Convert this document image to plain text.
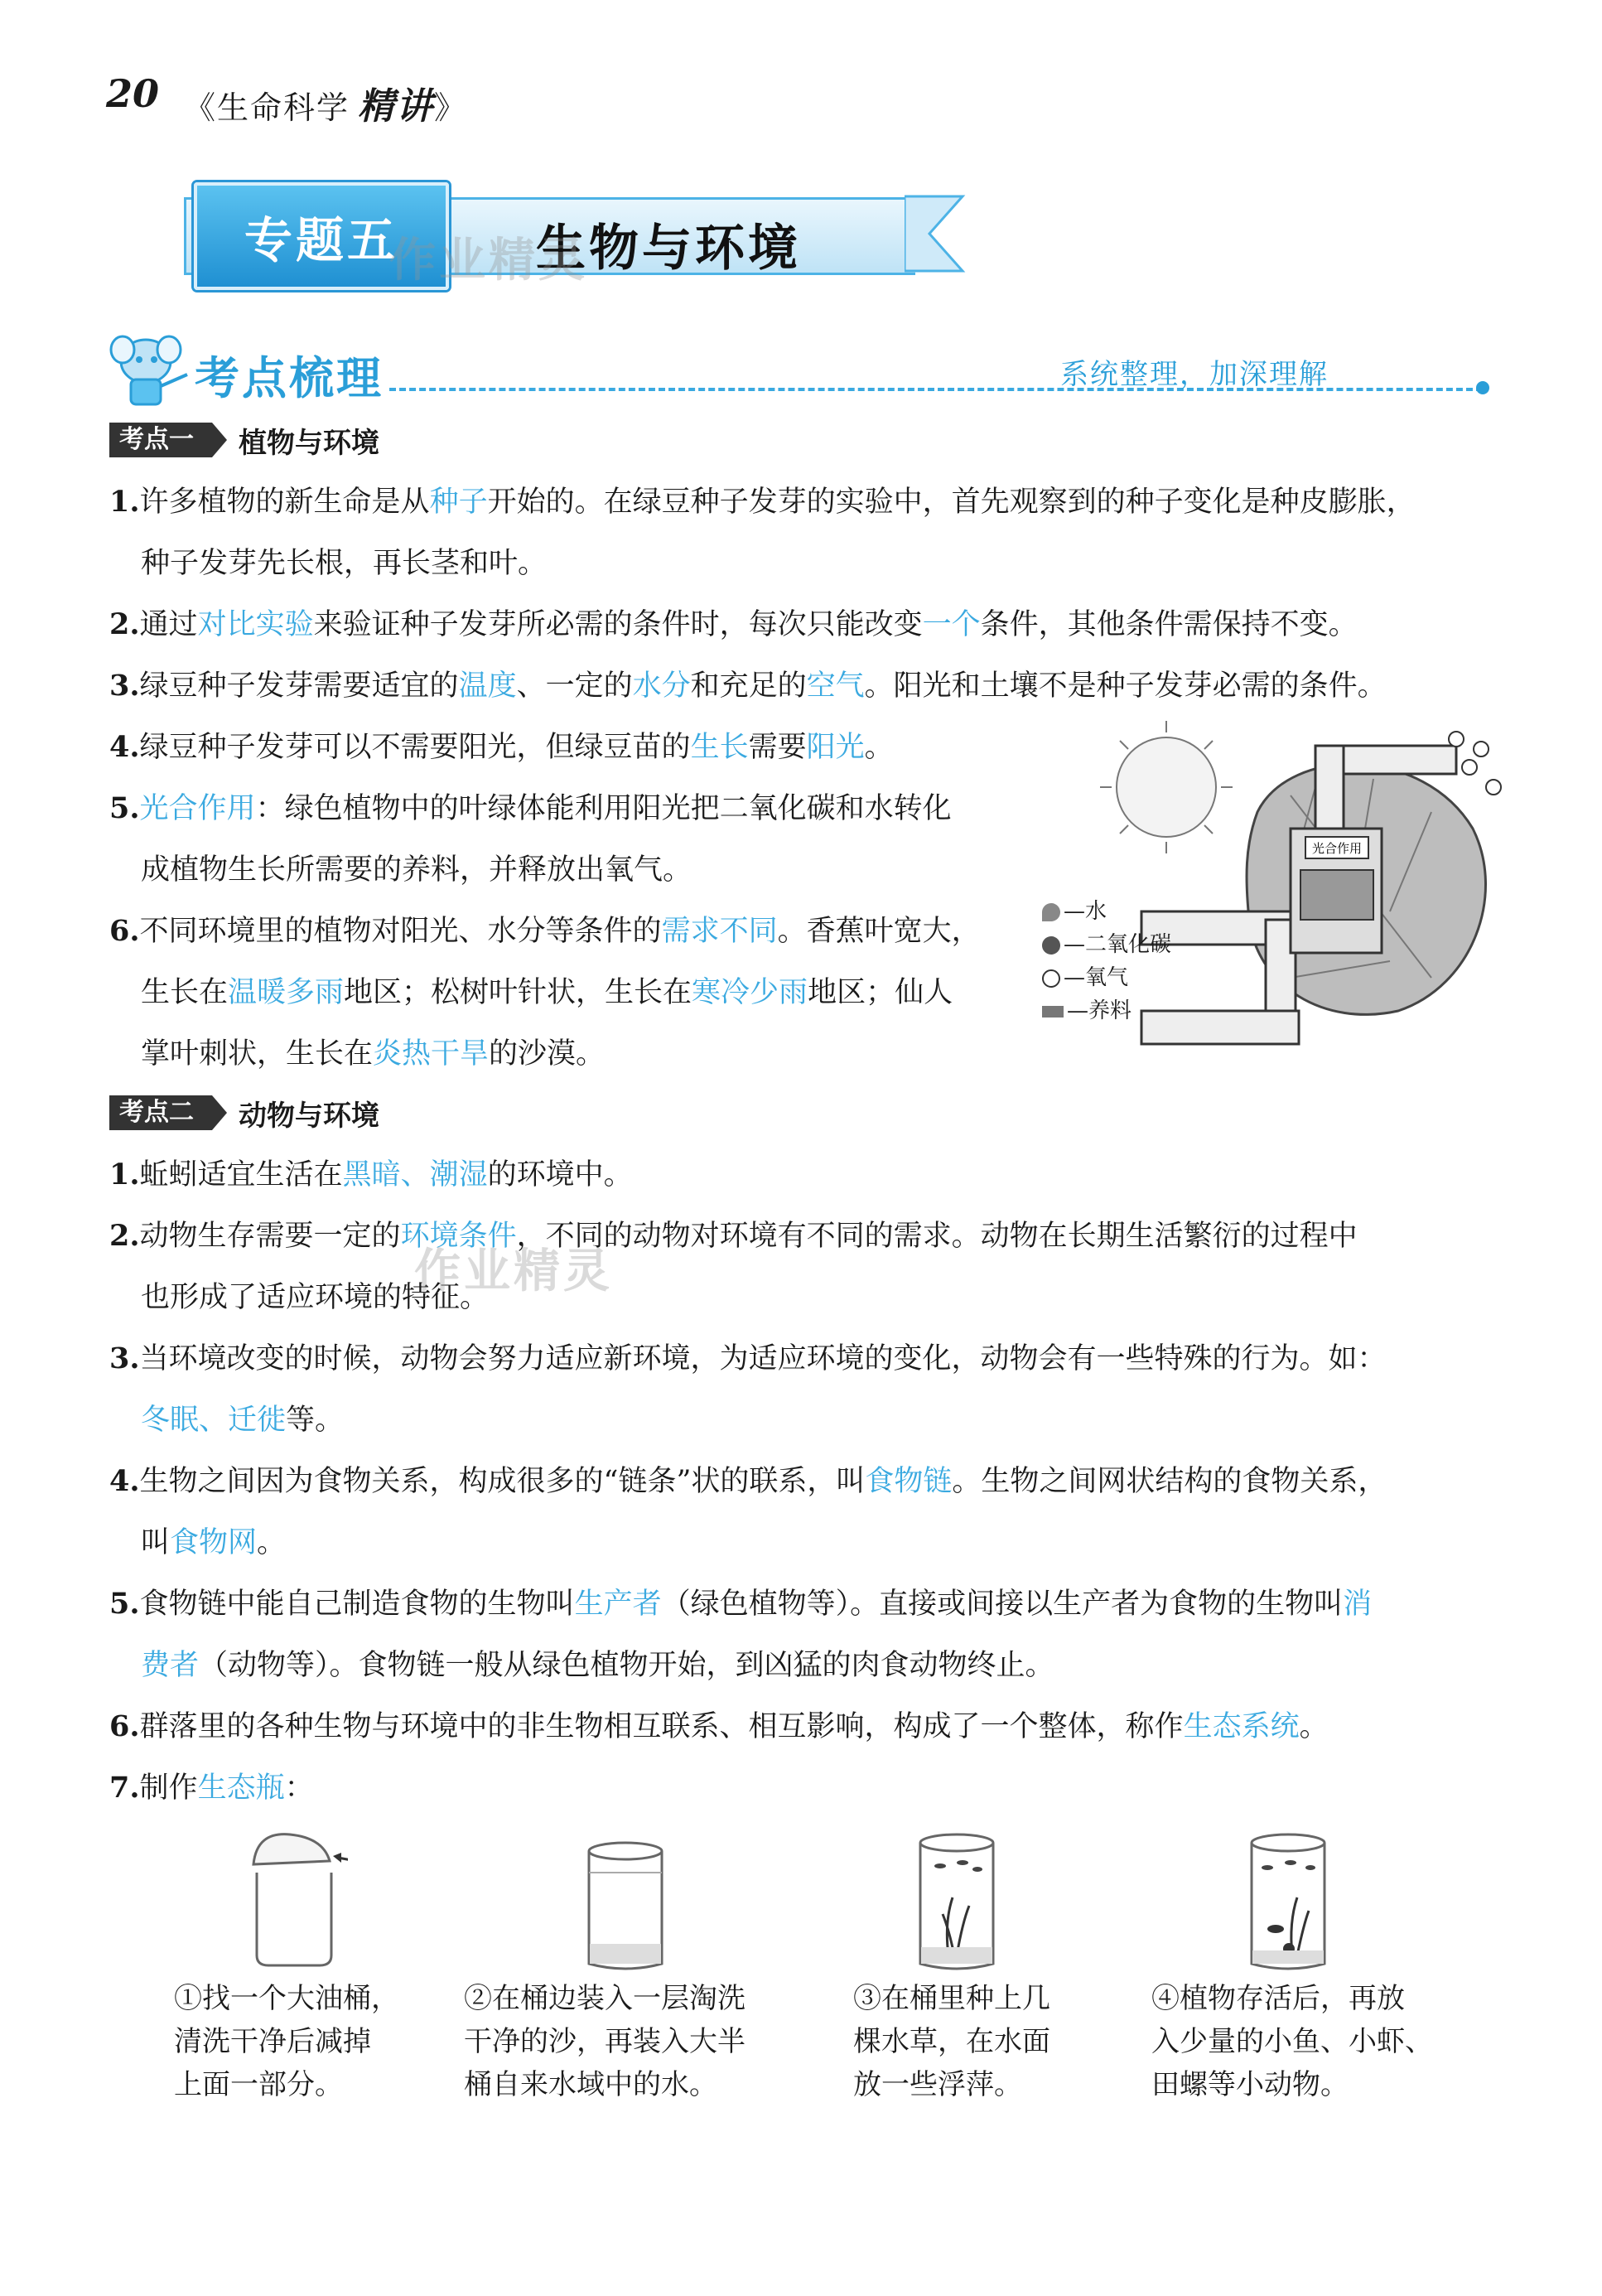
20 《生命科学 精讲》
专题五	生物与环境
作业精灵
考点梳理	系统整理，加深理解
考点一	植物与环境
1.许多植物的新生命是从种子开始的。在绿豆种子发芽的实验中，首先观察到的种子变化是种皮膨胀，
种子发芽先长根，再长茎和叶。
2.通过对比实验来验证种子发芽所必需的条件时，每次只能改变一个条件，其他条件需保持不变。
3.绿豆种子发芽需要适宜的温度、一定的水分和充足的空气。阳光和土壤不是种子发芽必需的条件。
4.绿豆种子发芽可以不需要阳光，但绿豆苗的生长需要阳光。
5.光合作用：绿色植物中的叶绿体能利用阳光把二氧化碳和水转化
成植物生长所需要的养料，并释放出氧气。
6.不同环境里的植物对阳光、水分等条件的需求不同。香蕉叶宽大，
生长在温暖多雨地区；松树叶针状，生长在寒冷少雨地区；仙人
掌叶刺状，生长在炎热干旱的沙漠。
光合作用
—水
—二氧化碳
—氧气
—养料
考点二	动物与环境
1.蚯蚓适宜生活在黑暗、潮湿的环境中。
2.动物生存需要一定的环境条件，不同的动物对环境有不同的需求。动物在长期生活繁衍的过程中
也形成了适应环境的特征。
作业精灵
3.当环境改变的时候，动物会努力适应新环境，为适应环境的变化，动物会有一些特殊的行为。如：
冬眠、迁徙等。
4.生物之间因为食物关系，构成很多的“链条”状的联系，叫食物链。生物之间网状结构的食物关系，
叫食物网。
5.食物链中能自己制造食物的生物叫生产者（绿色植物等）。直接或间接以生产者为食物的生物叫消
费者（动物等）。食物链一般从绿色植物开始，到凶猛的肉食动物终止。
6.群落里的各种生物与环境中的非生物相互联系、相互影响，构成了一个整体，称作生态系统。
7.制作生态瓶：
①找一个大油桶，
清洗干净后减掉
上面一部分。
②在桶边装入一层淘洗
干净的沙，再装入大半
桶自来水域中的水。
③在桶里种上几
棵水草，在水面
放一些浮萍。
④植物存活后，再放
入少量的小鱼、小虾、
田螺等小动物。
